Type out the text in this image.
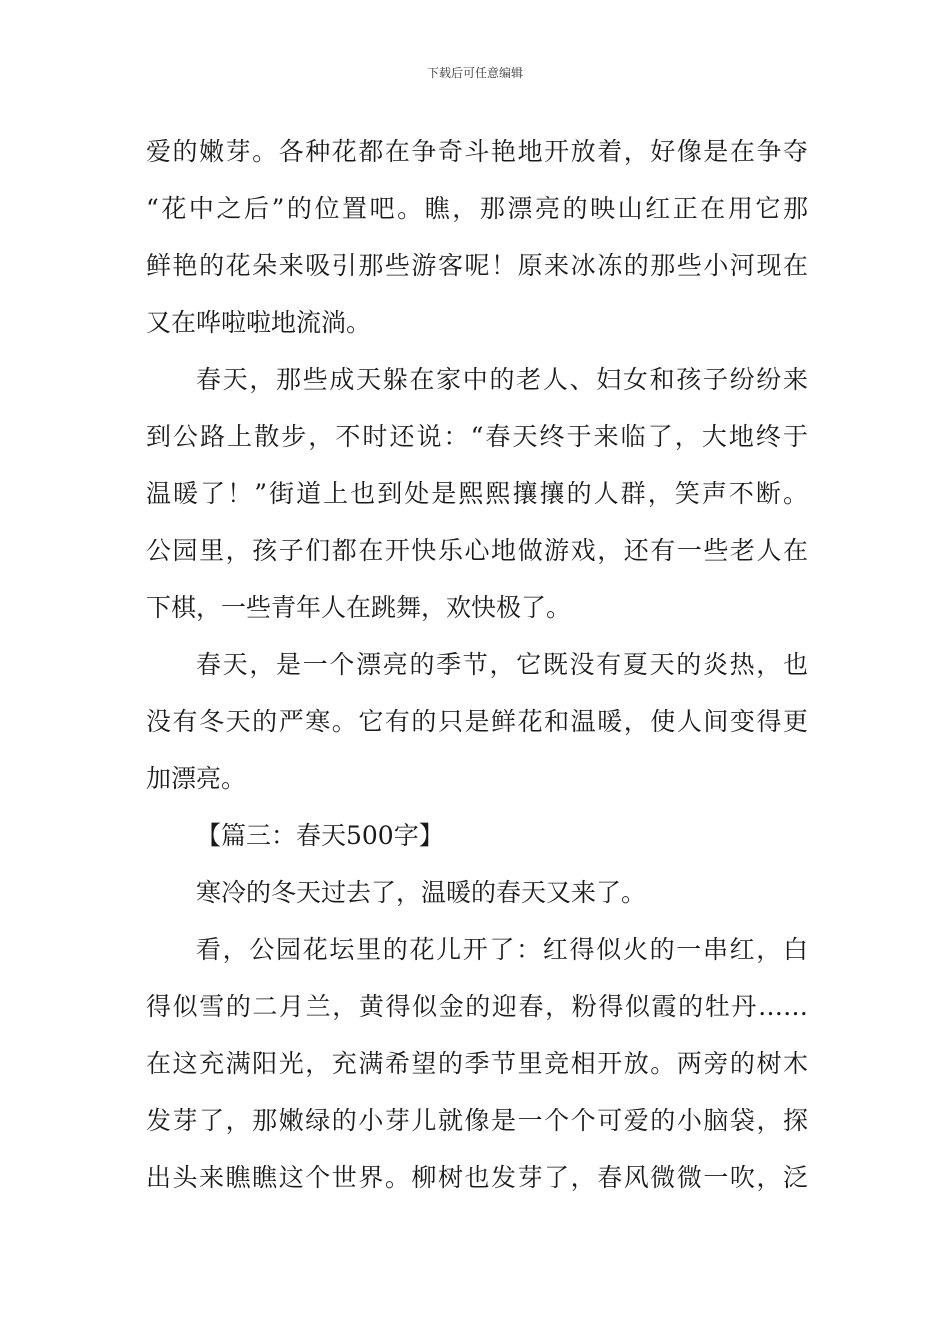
下载后可任意编辑
爱的嫩芽。各种花都在争奇斗艳地开放着，好像是在争夺
“花中之后”的位置吧。瞧，那漂亮的映山红正在用它那
鲜艳的花朵来吸引那些游客呢！原来冰冻的那些小河现在
又在哗啦啦地流淌。
春天，那些成天躲在家中的老人、妇女和孩子纷纷来
到公路上散步，不时还说：“春天终于来临了，大地终于
温暖了！”街道上也到处是熙熙攘攘的人群，笑声不断。
公园里，孩子们都在开快乐心地做游戏，还有一些老人在
下棋，一些青年人在跳舞，欢快极了。
春天，是一个漂亮的季节，它既没有夏天的炎热，也
没有冬天的严寒。它有的只是鲜花和温暖，使人间变得更
加漂亮。
【篇三：春天500字】
寒冷的冬天过去了，温暖的春天又来了。
看，公园花坛里的花儿开了：红得似火的一串红，白
得似雪的二月兰，黄得似金的迎春，粉得似霞的牡丹……
在这充满阳光，充满希望的季节里竞相开放。两旁的树木
发芽了，那嫩绿的小芽儿就像是一个个可爱的小脑袋，探
出头来瞧瞧这个世界。柳树也发芽了，春风微微一吹，泛
